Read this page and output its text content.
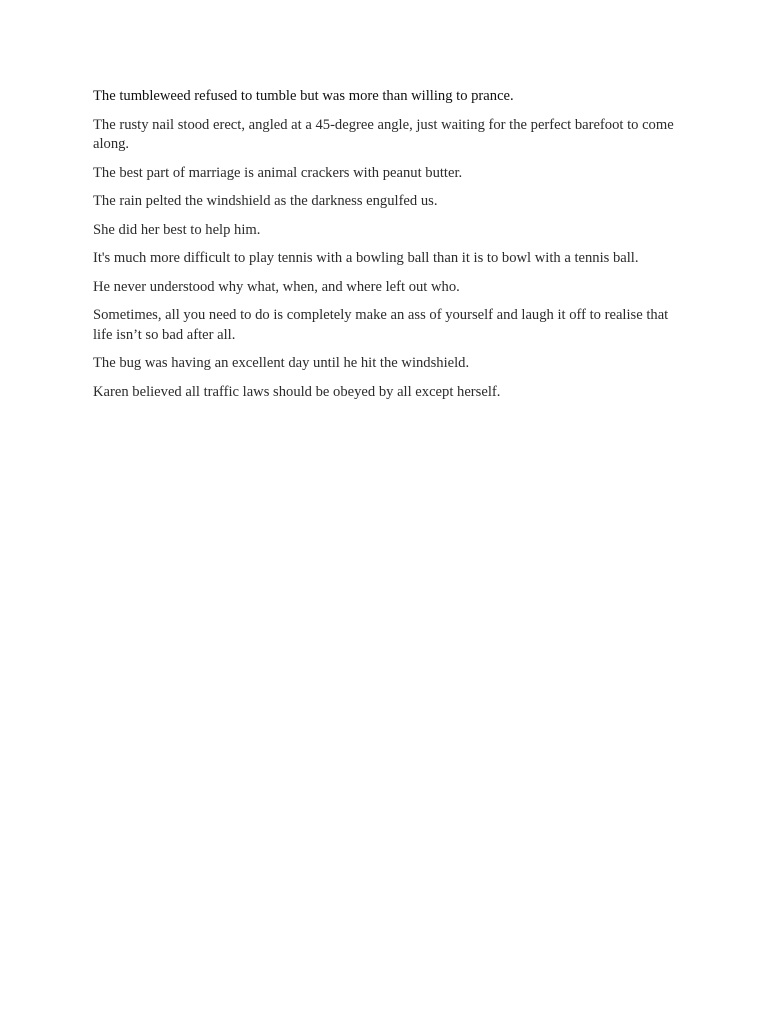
The tumbleweed refused to tumble but was more than willing to prance.

The rusty nail stood erect, angled at a 45-degree angle, just waiting for the perfect barefoot to come along.

The best part of marriage is animal crackers with peanut butter.

The rain pelted the windshield as the darkness engulfed us.

She did her best to help him.

It's much more difficult to play tennis with a bowling ball than it is to bowl with a tennis ball.

He never understood why what, when, and where left out who.

Sometimes, all you need to do is completely make an ass of yourself and laugh it off to realise that life isn’t so bad after all.

The bug was having an excellent day until he hit the windshield.

Karen believed all traffic laws should be obeyed by all except herself.
